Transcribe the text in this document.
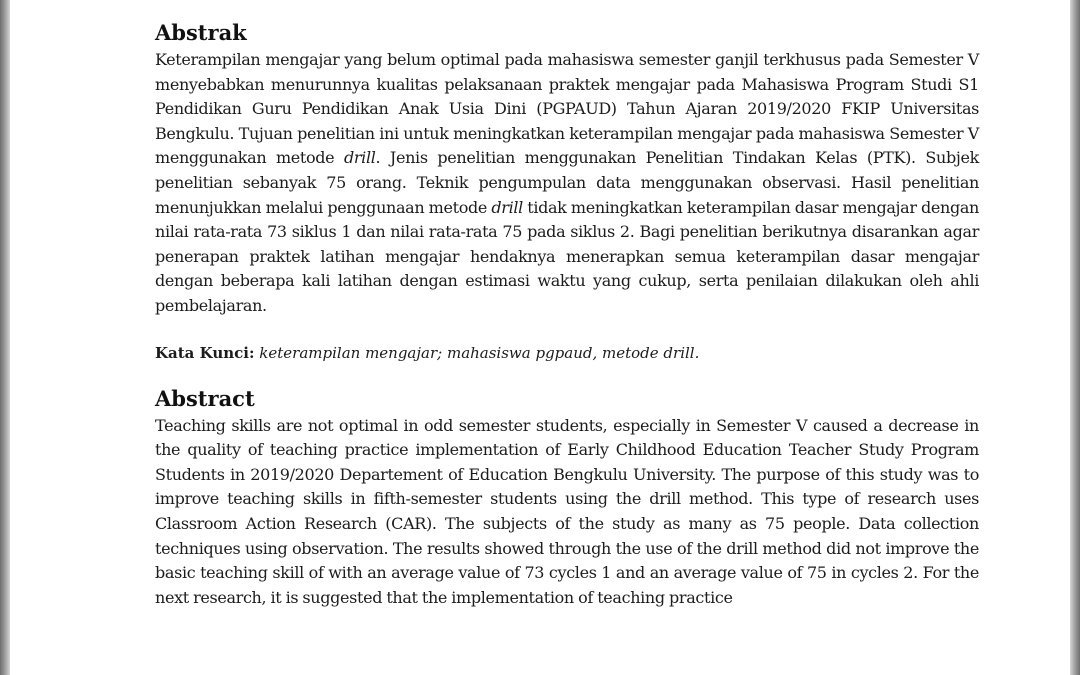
Abstrak

Keterampilan mengajar yang belum optimal pada mahasiswa semester ganjil terkhusus pada Semester V menyebabkan menurunnya kualitas pelaksanaan praktek mengajar pada Mahasiswa Program Studi S1 Pendidikan Guru Pendidikan Anak Usia Dini (PGPAUD) Tahun Ajaran 2019/2020 FKIP Universitas Bengkulu. Tujuan penelitian ini untuk meningkatkan keterampilan mengajar pada mahasiswa Semester V menggunakan metode drill. Jenis penelitian menggunakan Penelitian Tindakan Kelas (PTK). Subjek penelitian sebanyak 75 orang. Teknik pengumpulan data menggunakan observasi. Hasil penelitian menunjukkan melalui penggunaan metode drill tidak meningkatkan keterampilan dasar mengajar dengan nilai rata-rata 73 siklus 1 dan nilai rata-rata 75 pada siklus 2. Bagi penelitian berikutnya disarankan agar penerapan praktek latihan mengajar hendaknya menerapkan semua keterampilan dasar mengajar dengan beberapa kali latihan dengan estimasi waktu yang cukup, serta penilaian dilakukan oleh ahli pembelajaran.

Kata Kunci: keterampilan mengajar; mahasiswa pgpaud, metode drill.

Abstract

Teaching skills are not optimal in odd semester students, especially in Semester V caused a decrease in the quality of teaching practice implementation of Early Childhood Education Teacher Study Program Students in 2019/2020 Departement of Education Bengkulu University. The purpose of this study was to improve teaching skills in fifth-semester students using the drill method. This type of research uses Classroom Action Research (CAR). The subjects of the study as many as 75 people. Data collection techniques using observation. The results showed through the use of the drill method did not improve the basic teaching skill of with an average value of 73 cycles 1 and an average value of 75 in cycles 2. For the next research, it is suggested that the implementation of teaching practice
